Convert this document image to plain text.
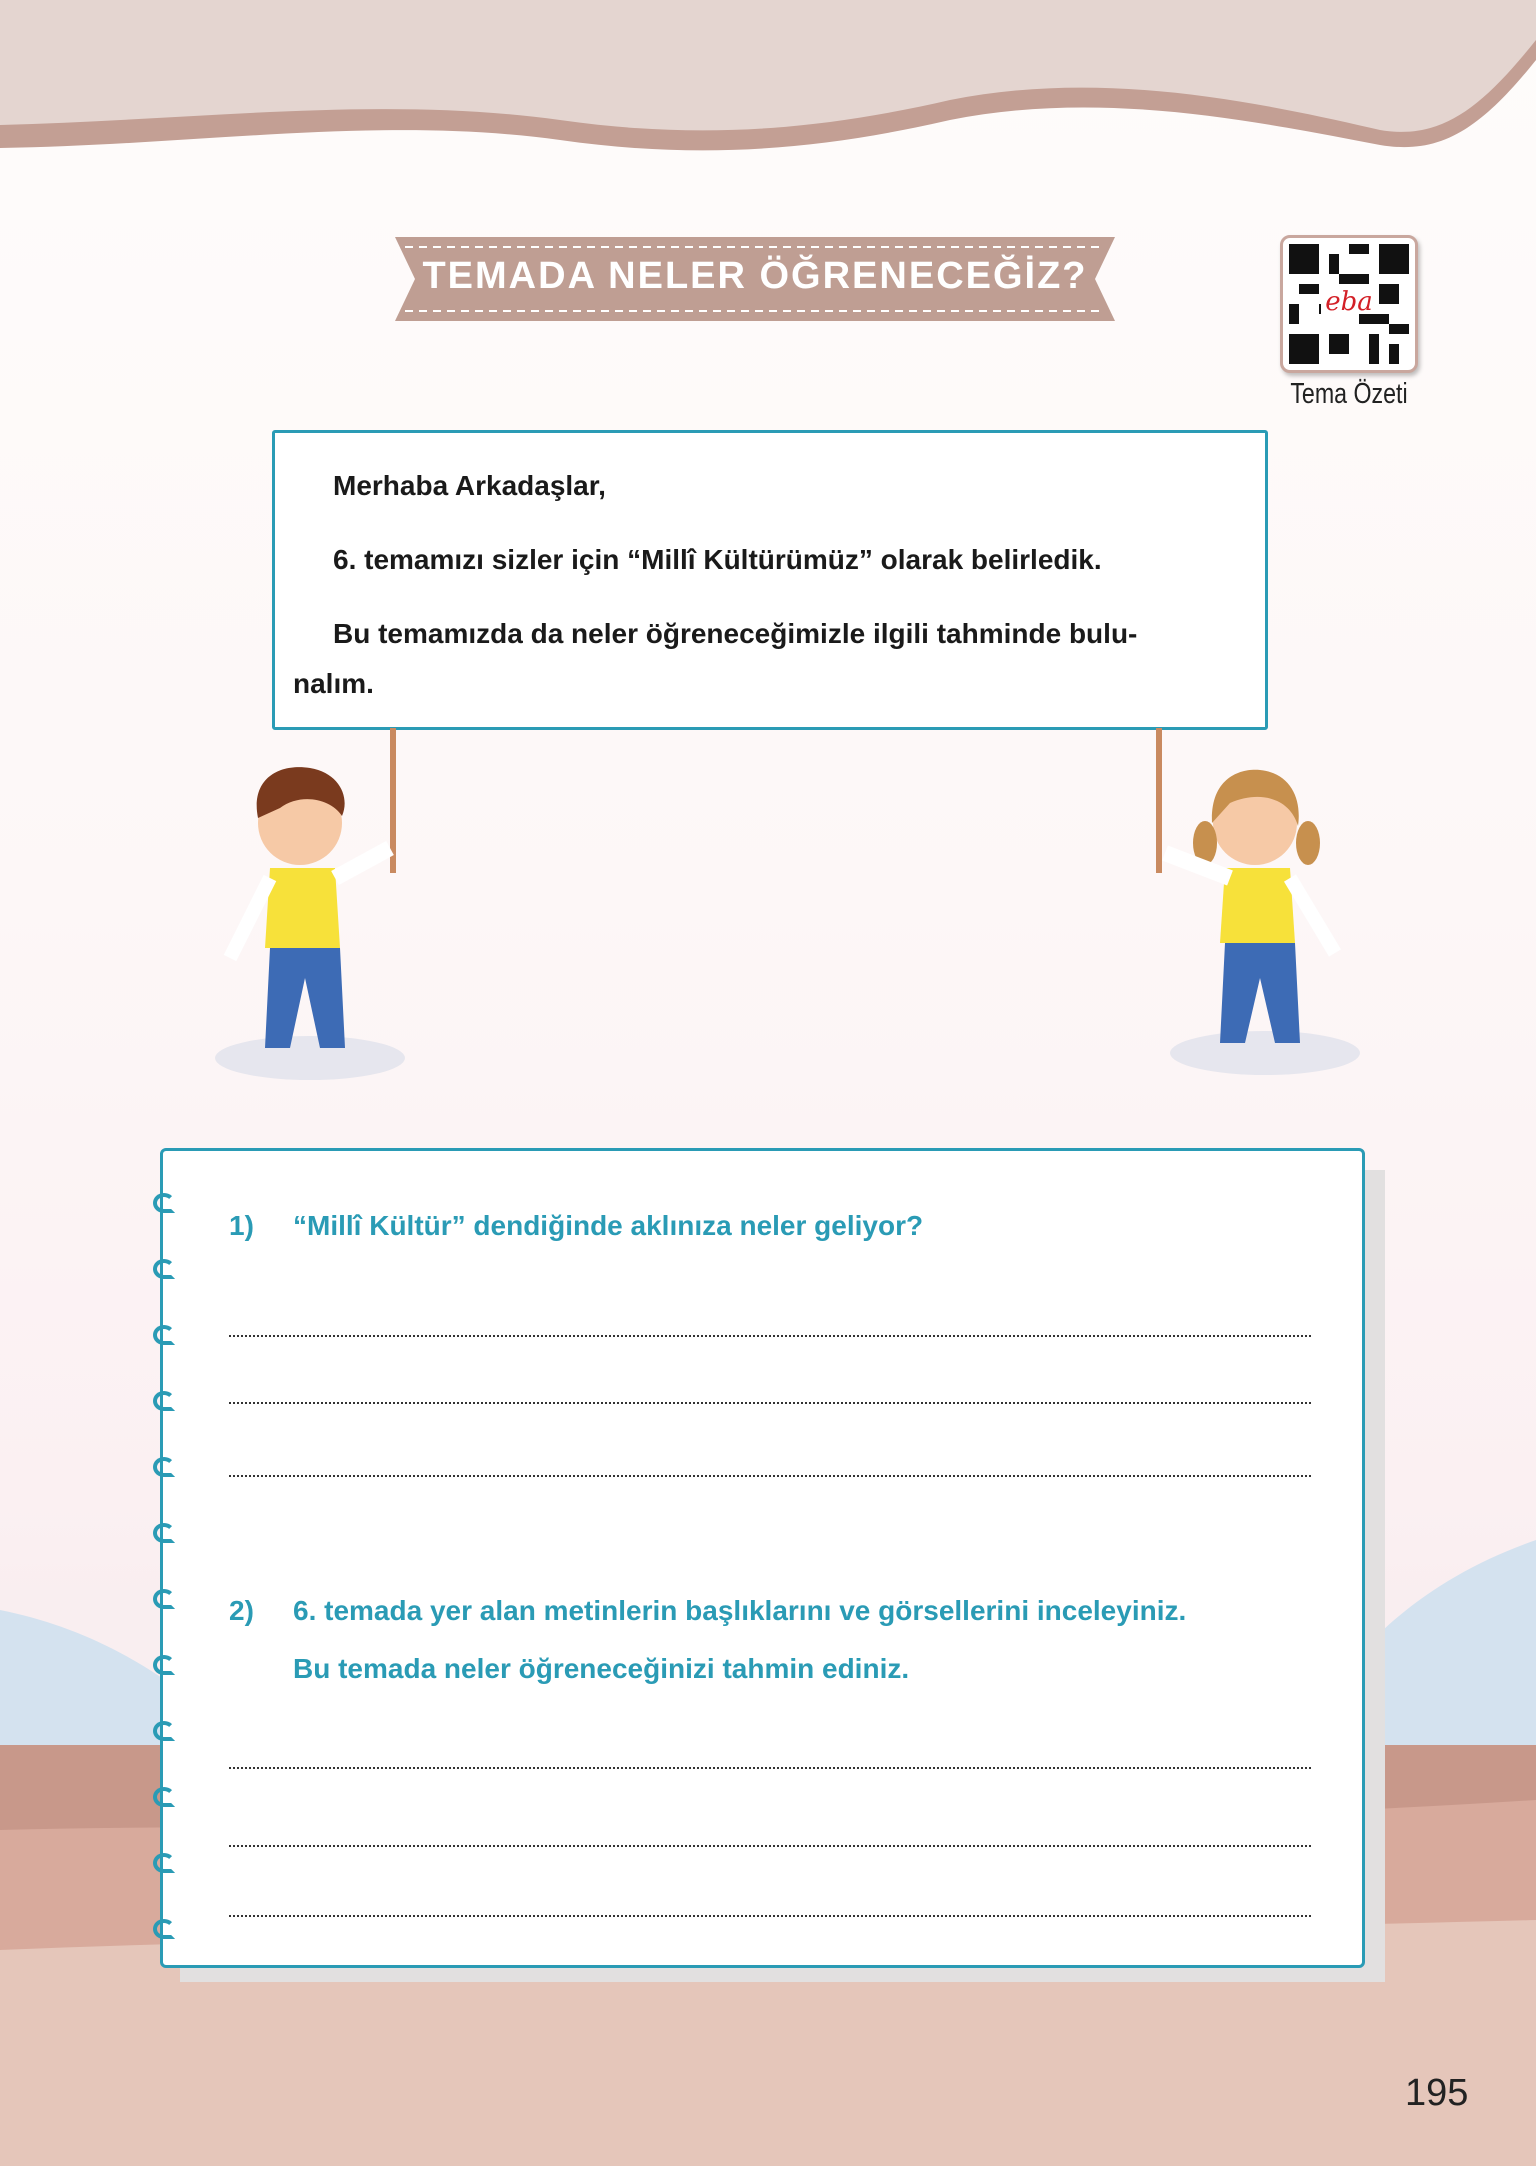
TEMADA NELER ÖĞRENECEĞİZ?
eba
Tema Özeti

Merhaba Arkadaşlar,

6. temamızı sizler için “Millî Kültürümüz” olarak belirledik.

Bu temamızda da neler öğreneceğimizle ilgili tahminde bulu-

nalım.

1) “Millî Kültür” dendiğinde aklınıza neler geliyor?
2) 6. temada yer alan metinlerin başlıklarını ve görsellerini inceleyiniz.
Bu temada neler öğreneceğinizi tahmin ediniz.
195
